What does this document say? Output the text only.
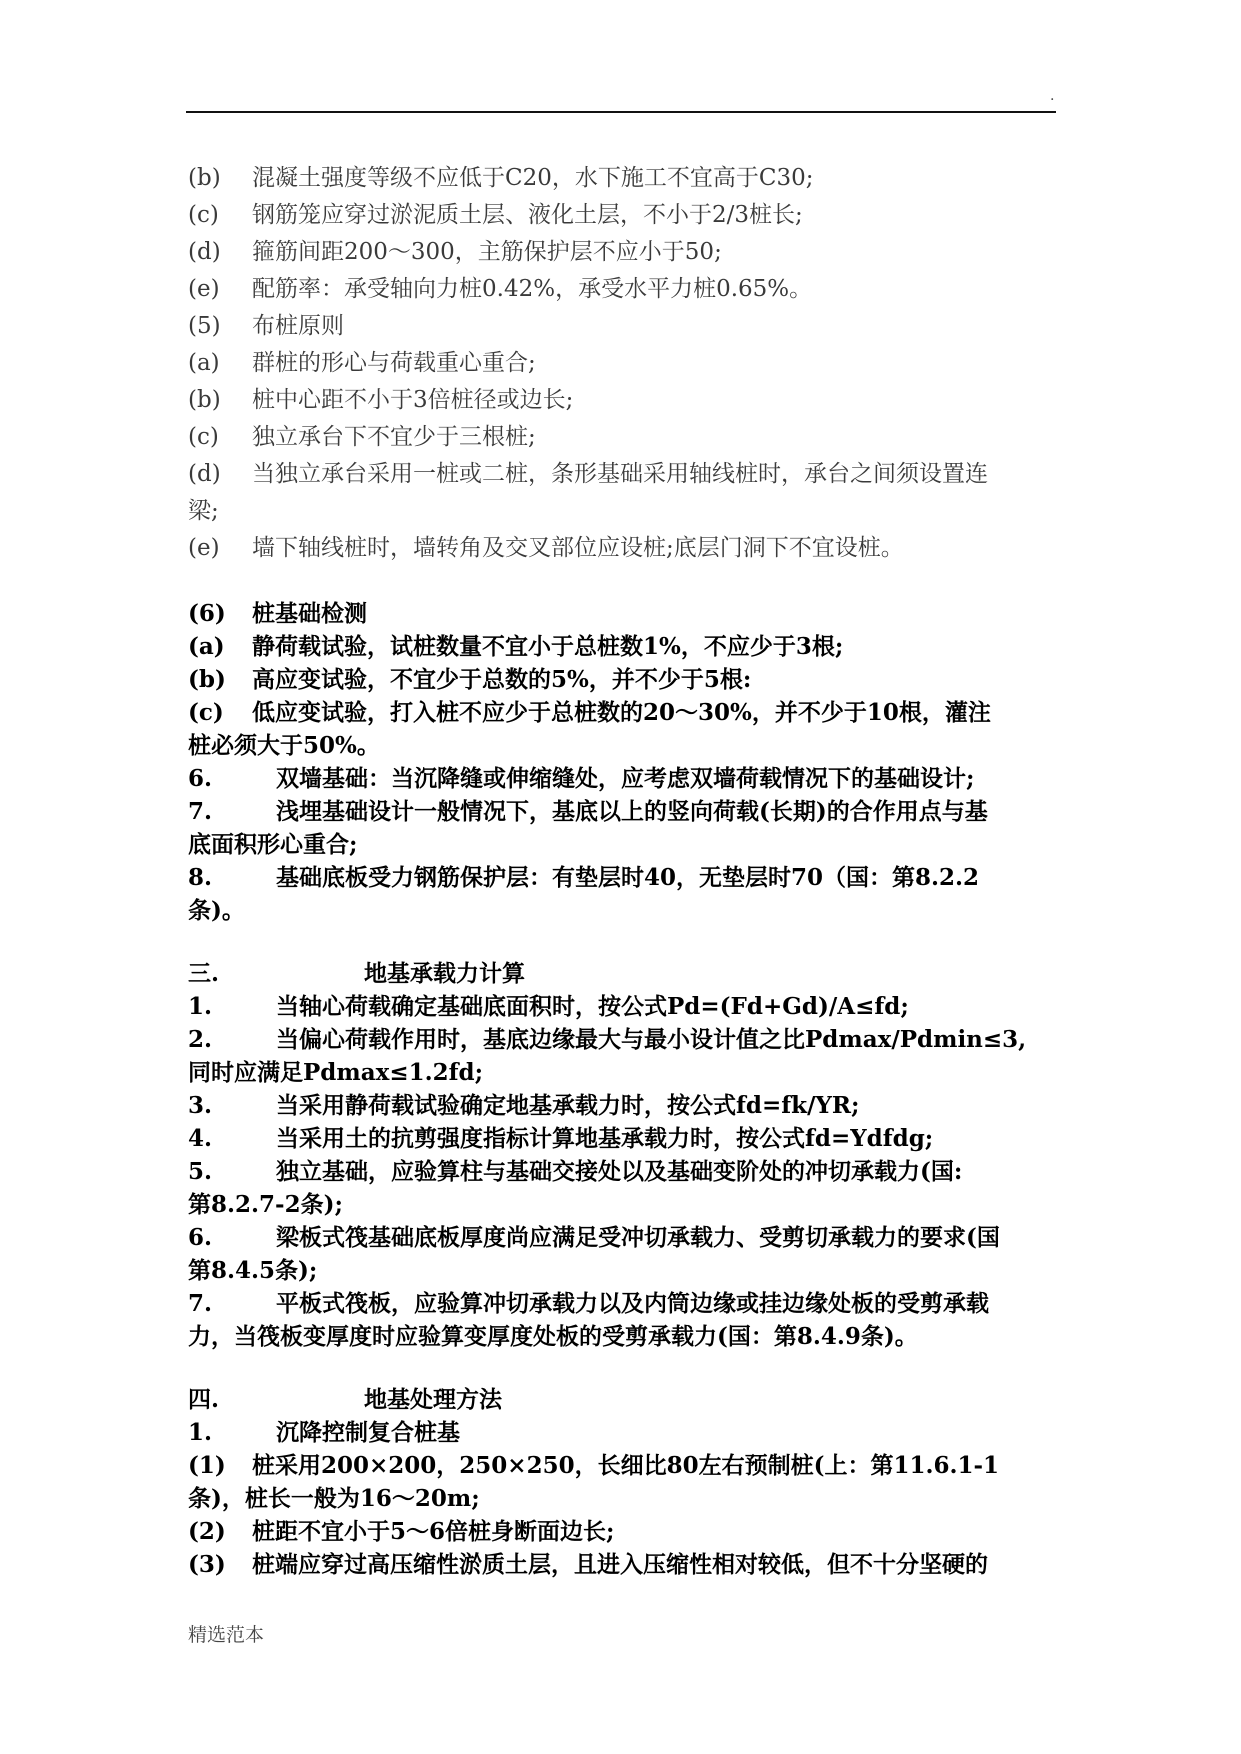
.

(b) 混凝土强度等级不应低于C20，水下施工不宜高于C30;

(c) 钢筋笼应穿过淤泥质土层、液化土层，不小于2/3桩长;

(d) 箍筋间距200～300，主筋保护层不应小于50;

(e) 配筋率：承受轴向力桩0.42%，承受水平力桩0.65%。

(5) 布桩原则

(a) 群桩的形心与荷载重心重合;

(b) 桩中心距不小于3倍桩径或边长;

(c) 独立承台下不宜少于三根桩;

(d) 当独立承台采用一桩或二桩，条形基础采用轴线桩时，承台之间须设置连

梁;

(e) 墙下轴线桩时，墙转角及交叉部位应设桩;底层门洞下不宜设桩。

(6) 桩基础检测

(a) 静荷载试验，试桩数量不宜小于总桩数1%，不应少于3根;

(b) 高应变试验，不宜少于总数的5%，并不少于5根:

(c) 低应变试验，打入桩不应少于总桩数的20～30%，并不少于10根，灌注

桩必须大于50%。

6.	双墙基础：当沉降缝或伸缩缝处，应考虑双墙荷载情况下的基础设计;

7.	浅埋基础设计一般情况下，基底以上的竖向荷载(长期)的合作用点与基

底面积形心重合;

8.	基础底板受力钢筋保护层：有垫层时40，无垫层时70（国：第8.2.2

条)。

三.	地基承载力计算

1.	当轴心荷载确定基础底面积时，按公式Pd=(Fd+Gd)/A≤fd;

2.	当偏心荷载作用时，基底边缘最大与最小设计值之比Pdmax/Pdmin≤3,

同时应满足Pdmax≤1.2fd;

3.	当采用静荷载试验确定地基承载力时，按公式fd=fk/ΥR;

4.	当采用土的抗剪强度指标计算地基承载力时，按公式fd=Υdfdg;

5.	独立基础，应验算柱与基础交接处以及基础变阶处的冲切承载力(国:

第8.2.7-2条);

6.	梁板式筏基础底板厚度尚应满足受冲切承载力、受剪切承载力的要求(国

第8.4.5条);

7.	平板式筏板，应验算冲切承载力以及内筒边缘或挂边缘处板的受剪承载

力，当筏板变厚度时应验算变厚度处板的受剪承载力(国：第8.4.9条)。

四.	地基处理方法

1.	沉降控制复合桩基

(1) 桩采用200×200，250×250，长细比80左右预制桩(上：第11.6.1-1

条)，桩长一般为16～20m;

(2) 桩距不宜小于5～6倍桩身断面边长;

(3) 桩端应穿过高压缩性淤质土层，且进入压缩性相对较低，但不十分坚硬的

精选范本
